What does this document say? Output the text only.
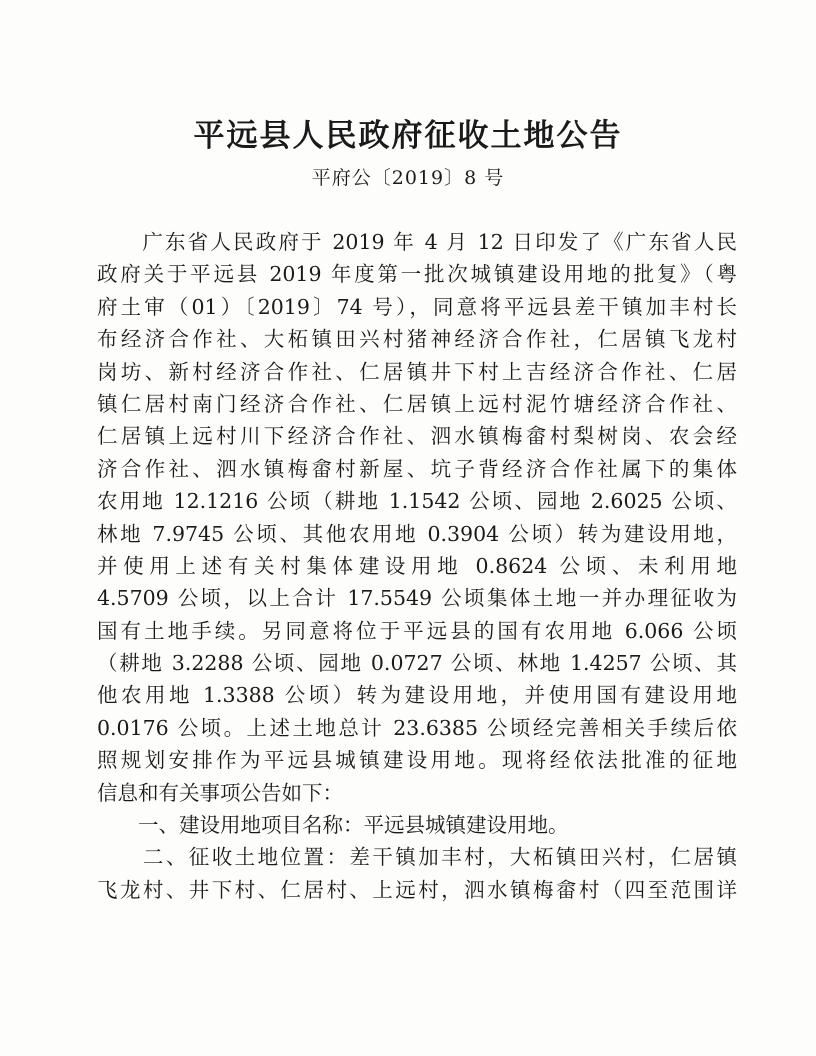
平远县人民政府征收土地公告
平府公〔2019〕8 号
　　广东省人民政府于 2019 年 4 月 12 日印发了《广东省人民
政府关于平远县 2019 年度第一批次城镇建设用地的批复》（粤
府土审（01）〔2019〕74 号），同意将平远县差干镇加丰村长
布经济合作社、大柘镇田兴村猪神经济合作社，仁居镇飞龙村
岗坊、新村经济合作社、仁居镇井下村上吉经济合作社、仁居
镇仁居村南门经济合作社、仁居镇上远村泥竹塘经济合作社、
仁居镇上远村川下经济合作社、泗水镇梅畲村梨树岗、农会经
济合作社、泗水镇梅畲村新屋、坑子背经济合作社属下的集体
农用地 12.1216 公顷（耕地 1.1542 公顷、园地 2.6025 公顷、
林地 7.9745 公顷、其他农用地 0.3904 公顷）转为建设用地，
并使用上述有关村集体建设用地 0.8624 公顷、未利用地
4.5709 公顷，以上合计 17.5549 公顷集体土地一并办理征收为
国有土地手续。另同意将位于平远县的国有农用地 6.066 公顷
（耕地 3.2288 公顷、园地 0.0727 公顷、林地 1.4257 公顷、其
他农用地 1.3388 公顷）转为建设用地，并使用国有建设用地
0.0176 公顷。上述土地总计 23.6385 公顷经完善相关手续后依
照规划安排作为平远县城镇建设用地。现将经依法批准的征地
信息和有关事项公告如下：
　　一、建设用地项目名称：平远县城镇建设用地。
　　二、征收土地位置：差干镇加丰村，大柘镇田兴村，仁居镇
飞龙村、井下村、仁居村、上远村，泗水镇梅畲村（四至范围详
